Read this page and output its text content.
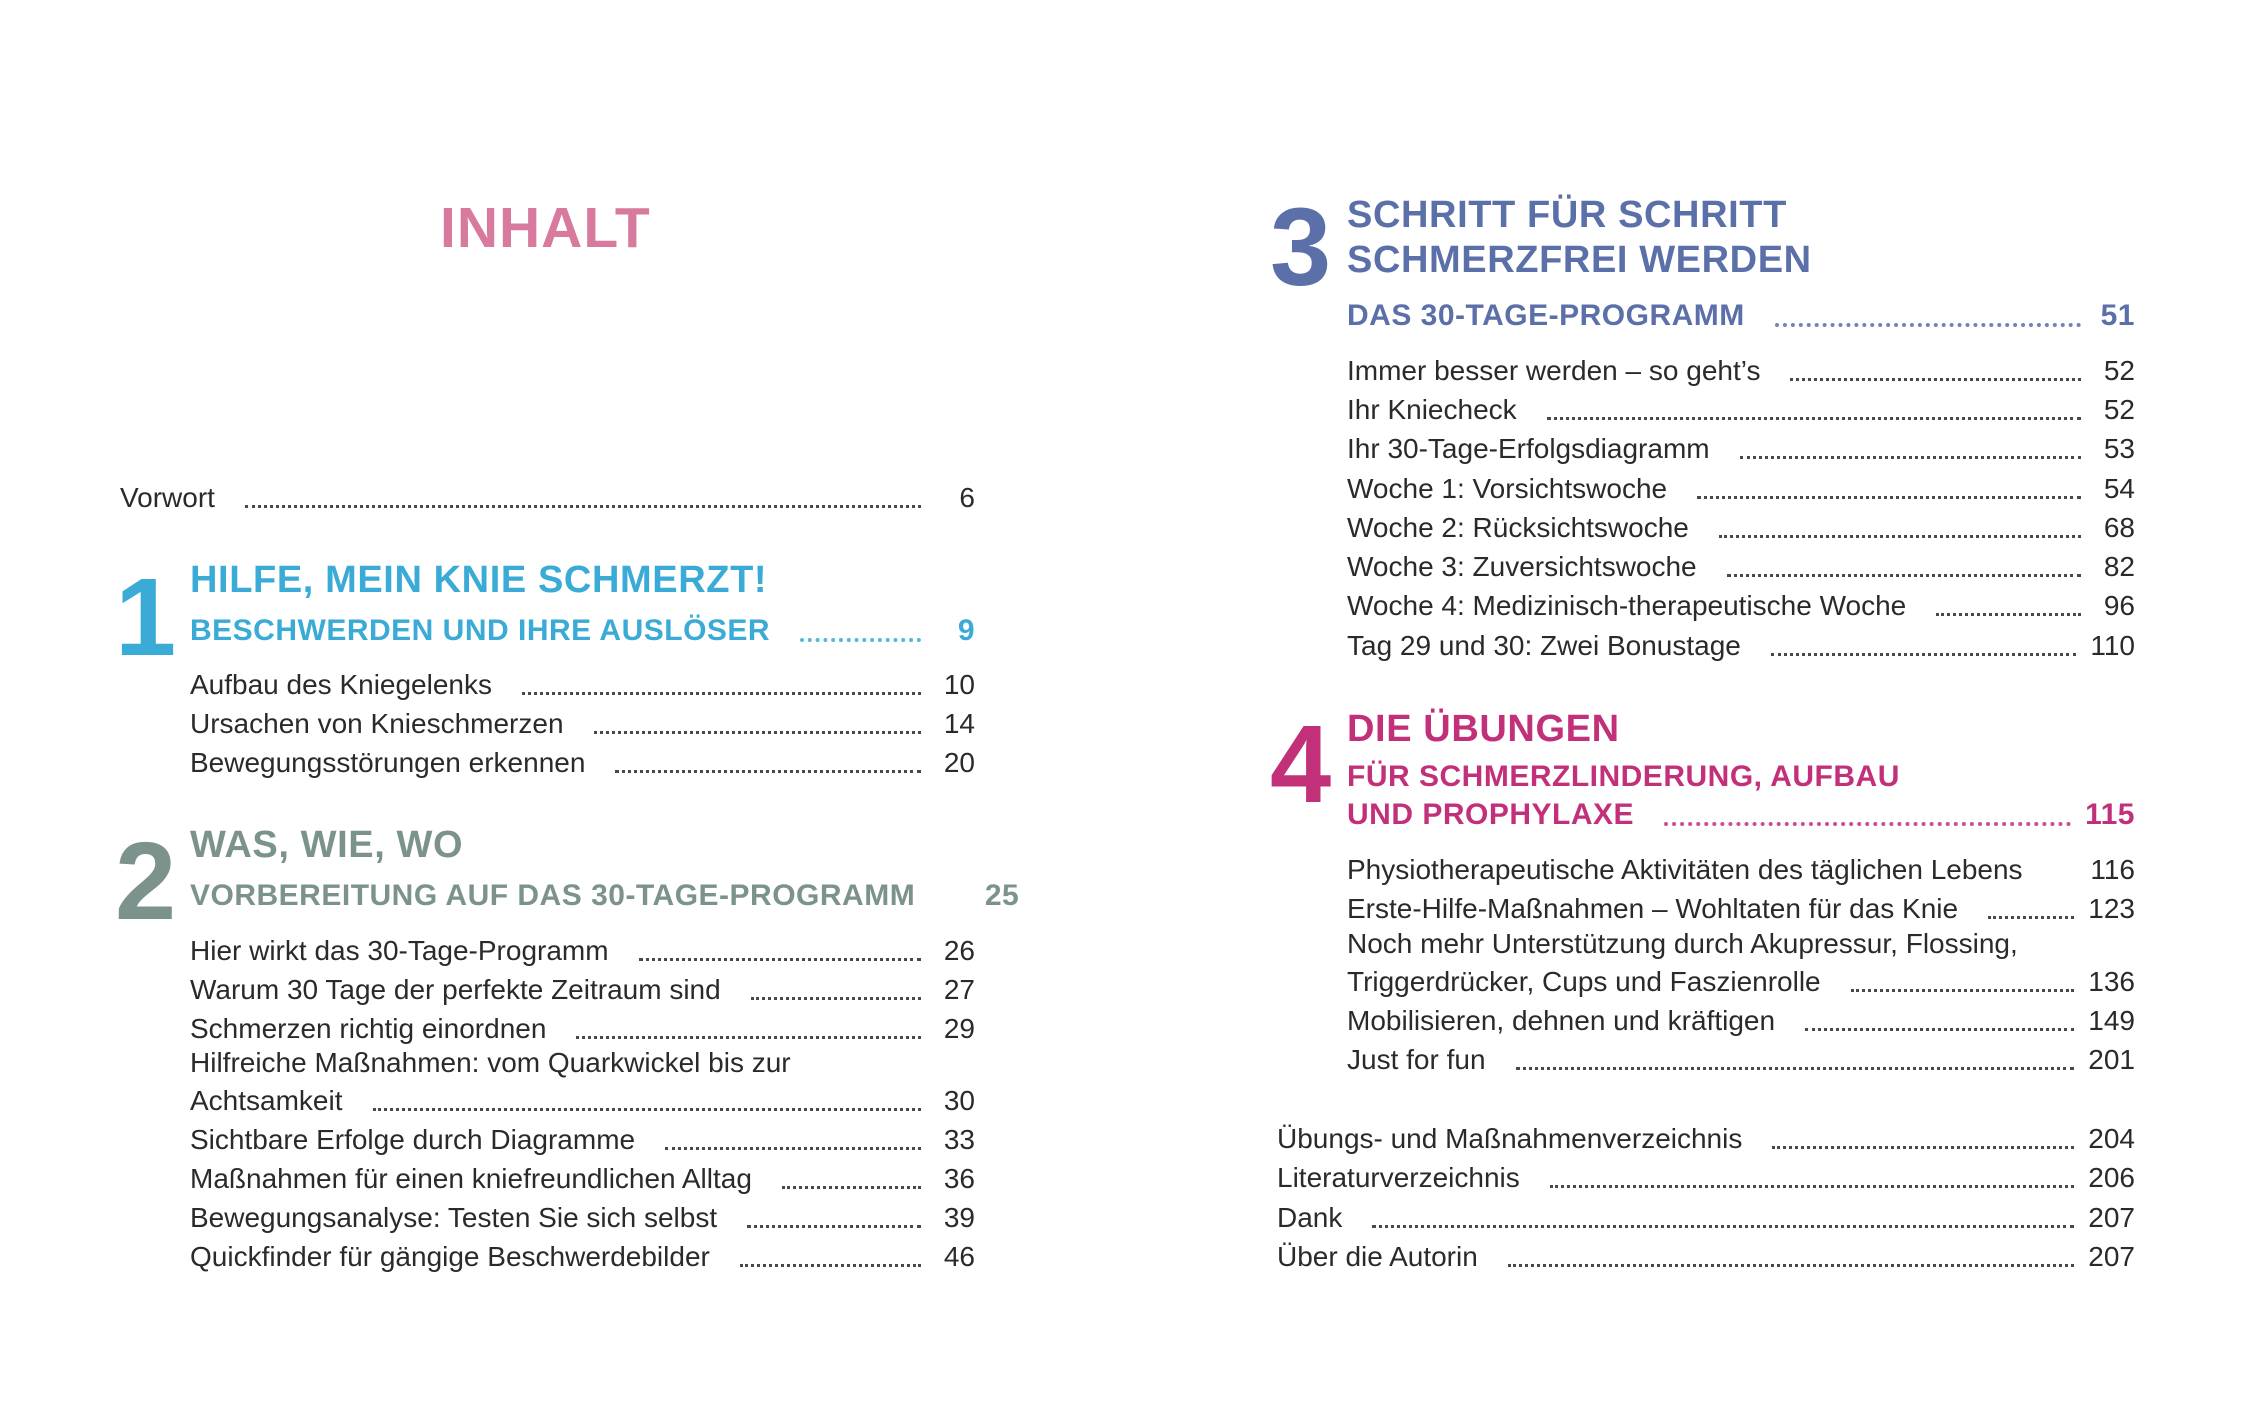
INHALT
Vorwort	6
1 HILFE, MEIN KNIE SCHMERZT!
BESCHWERDEN UND IHRE AUSLÖSER	9
Aufbau des Kniegelenks	10
Ursachen von Knieschmerzen	14
Bewegungsstörungen erkennen	20
2 WAS, WIE, WO
VORBEREITUNG AUF DAS 30-TAGE-PROGRAMM 25
Hier wirkt das 30-Tage-Programm	26
Warum 30 Tage der perfekte Zeitraum sind	27
Schmerzen richtig einordnen	29
Hilfreiche Maßnahmen: vom Quarkwickel bis zur
Achtsamkeit	30
Sichtbare Erfolge durch Diagramme	33
Maßnahmen für einen kniefreundlichen Alltag	36
Bewegungsanalyse: Testen Sie sich selbst	39
Quickfinder für gängige Beschwerdebilder	46
3 SCHRITT FÜR SCHRITT
SCHMERZFREI WERDEN
DAS 30-TAGE-PROGRAMM	51
Immer besser werden – so geht’s	52
Ihr Kniecheck	52
Ihr 30-Tage-Erfolgsdiagramm	53
Woche 1: Vorsichtswoche	54
Woche 2: Rücksichtswoche	68
Woche 3: Zuversichtswoche	82
Woche 4: Medizinisch-therapeutische Woche	96
Tag 29 und 30: Zwei Bonustage	110
4 DIE ÜBUNGEN
FÜR SCHMERZLINDERUNG, AUFBAU
UND PROPHYLAXE	115
Physiotherapeutische Aktivitäten des täglichen Lebens 116
Erste-Hilfe-Maßnahmen – Wohltaten für das Knie	123
Noch mehr Unterstützung durch Akupressur, Flossing,
Triggerdrücker, Cups und Faszienrolle	136
Mobilisieren, dehnen und kräftigen	149
Just for fun	201
Übungs- und Maßnahmenverzeichnis	204
Literaturverzeichnis	206
Dank	207
Über die Autorin	207
